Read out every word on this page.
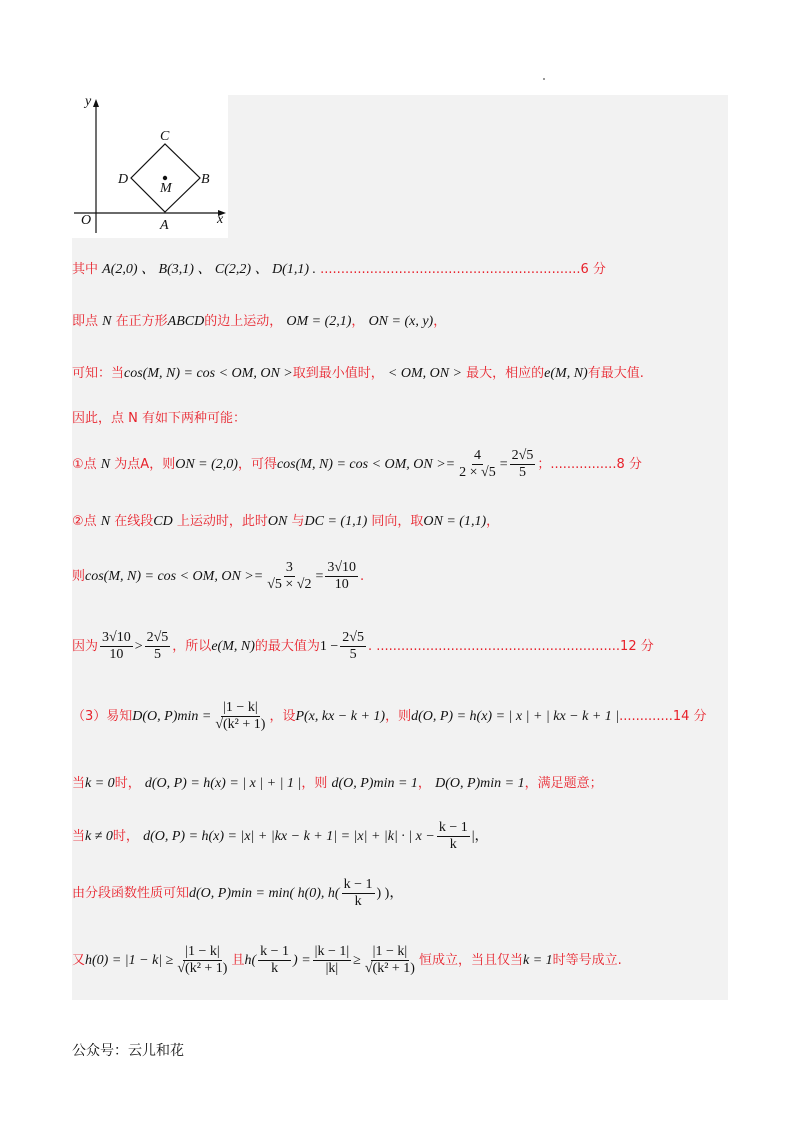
y
x
O	A
B
C
D
M
其中 A(2,0) 、 B(3,1) 、 C(2,2) 、 D(1,1) . ...............................................................6 分
即点 N 在正方形ABCD的边上运动， OM = (2,1)， ON = (x, y)，
可知：当cos(M, N) = cos < OM, ON >取到最小值时， < OM, ON > 最大，相应的e(M, N)有最大值.
因此，点 N 有如下两种可能：
①点 N 为点A，则ON = (2,0)，可得cos(M, N) = cos < OM, ON >= $\frac{4}{2 \times √5} = \frac{2√5}{5}$ ；................8 分
②点 N 在线段CD 上运动时，此时ON 与DC = (1,1) 同向，取ON = (1,1)，
则cos(M, N) = cos < OM, ON >= $\frac{3}{√5 \times √2} = \frac{3√10}{10}$ .
因为 $\frac{3√10}{10} > \frac{2√5}{5}$ ，所以e(M, N)的最大值为$1 - \frac{2√5}{5}$ . ...........................................................12 分
（3）易知D(O, $P)\min = \frac{|1 - k|}{\text{√(k² + 1)}}$ ，设P(x, kx − k + 1)，则d(O, P) = h(x) = | x | + | kx − k + 1 |.............14 分
当k = 0时， d(O, P) = h(x) = | x | + | 1 |，则 d(O, P)min = 1， D(O, P)min = 1，满足题意；
当k ≠ 0时， d(O, P) = h(x) = |x| + |kx − k + 1| = |x| + |k| · | $x - \frac{k - 1}{k}$ |，
由分段函数性质可知d(O, P)min = min( h(0), $h( \frac{k - 1}{k}$ ) )，
又$h(0) = |1 - k| \ge \frac{|1 - k|}{\text{√(k² + 1)}}$ 且$h( \frac{k - 1}{k}$ ) = $\frac{|k - 1|}{|k|} \ge \frac{|1 - k|}{\text{√(k² + 1)}}$ 恒成立，当且仅当k = 1时等号成立.
公众号：云儿和花
